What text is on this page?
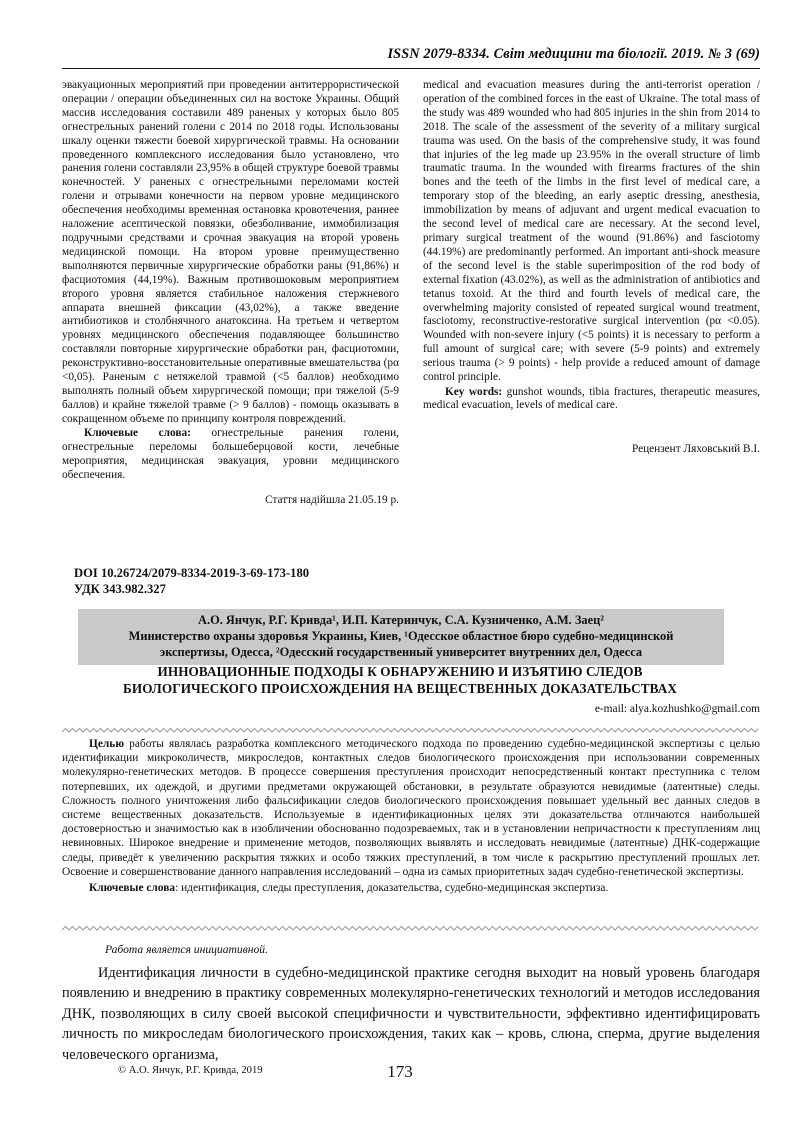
ISSN 2079-8334. Світ медицини та біології. 2019. № 3 (69)

эвакуационных мероприятий при проведении антитеррористической операции / операции объединенных сил на востоке Украины. Общий массив исследования составили 489 раненых у которых было 805 огнестрельных ранений голени с 2014 по 2018 годы. Использованы шкалу оценки тяжести боевой хирургической травмы. На основании проведенного комплексного исследования было установлено, что ранения голени составляли 23,95% в общей структуре боевой травмы конечностей. У раненых с огнестрельными переломами костей голени и отрывами конечности на первом уровне медицинского обеспечения необходимы временная остановка кровотечения, раннее наложение асептической повязки, обезболивание, иммобилизация подручными средствами и срочная эвакуация на второй уровень медицинской помощи. На втором уровне преимущественно выполняются первичные хирургические обработки раны (91,86%) и фасциотомия (44,19%). Важным противошоковым мероприятием второго уровня является стабильное наложения стержневого аппарата внешней фиксации (43,02%), а также введение антибиотиков и столбнячного анатоксина. На третьем и четвертом уровнях медицинского обеспечения подавляющее большинство составляли повторные хирургические обработки ран, фасциотомии, реконструктивно-восстановительные оперативные вмешательства (pα <0,05). Раненым с нетяжелой травмой (<5 баллов) необходимо выполнять полный объем хирургической помощи; при тяжелой (5-9 баллов) и крайне тяжелой травме (> 9 баллов) - помощь оказывать в сокращенном объеме по принципу контроля повреждений.

Ключевые слова: огнестрельные ранения голени, огнестрельные переломы большеберцовой кости, лечебные мероприятия, медицинская эвакуация, уровни медицинского обеспечения.

Стаття надійшла 21.05.19 р.

medical and evacuation measures during the anti-terrorist operation / operation of the combined forces in the east of Ukraine. The total mass of the study was 489 wounded who had 805 injuries in the shin from 2014 to 2018. The scale of the assessment of the severity of a military surgical trauma was used. On the basis of the comprehensive study, it was found that injuries of the leg made up 23.95% in the overall structure of limb traumatic trauma. In the wounded with firearms fractures of the shin bones and the teeth of the limbs in the first level of medical care, a temporary stop of the bleeding, an early aseptic dressing, anesthesia, immobilization by means of adjuvant and urgent medical evacuation to the second level of medical care are necessary. At the second level, primary surgical treatment of the wound (91.86%) and fasciotomy (44.19%) are predominantly performed. An important anti-shock measure of the second level is the stable superimposition of the rod body of external fixation (43.02%), as well as the administration of antibiotics and tetanus toxoid. At the third and fourth levels of medical care, the overwhelming majority consisted of repeated surgical wound treatment, fasciotomy, reconstructive-restorative surgical intervention (pα <0.05). Wounded with non-severe injury (<5 points) it is necessary to perform a full amount of surgical care; with severe (5-9 points) and extremely serious trauma (> 9 points) - help provide a reduced amount of damage control principle.

Key words: gunshot wounds, tibia fractures, therapeutic measures, medical evacuation, levels of medical care.

Рецензент Ляховський В.І.
DOI 10.26724/2079-8334-2019-3-69-173-180
УДК 343.982.327
А.О. Янчук, Р.Г. Кривда¹, И.П. Катеринчук, С.А. Кузниченко, А.М. Заец²
Министерство охраны здоровья Украины, Киев, ¹Одесское областное бюро судебно-медицинской
экспертизы, Одесса, ²Одесский государственный университет внутренних дел, Одесса
ИННОВАЦИОННЫЕ ПОДХОДЫ К ОБНАРУЖЕНИЮ И ИЗЪЯТИЮ СЛЕДОВ
БИОЛОГИЧЕСКОГО ПРОИСХОЖДЕНИЯ НА ВЕЩЕСТВЕННЫХ ДОКАЗАТЕЛЬСТВАХ
e-mail: alya.kozhushko@gmail.com

Целью работы являлась разработка комплексного методического подхода по проведению судебно-медицинской экспертизы с целью идентификации микроколичеств, микроследов, контактных следов биологического происхождения при использовании современных молекулярно-генетических методов. В процессе совершения преступления происходит непосредственный контакт преступника с телом потерпевших, их одеждой, и другими предметами окружающей обстановки, в результате образуются невидимые (латентные) следы. Сложность полного уничтожения либо фальсификации следов биологического происхождения повышает удельный вес данных следов в системе вещественных доказательств. Используемые в идентификационных целях эти доказательства отличаются наибольшей достоверностью и значимостью как в изобличении обоснованно подозреваемых, так и в установлении непричастности к преступлениям лиц невиновных. Широкое внедрение и применение методов, позволяющих выявлять и исследовать невидимые (латентные) ДНК-содержащие следы, приведёт к увеличению раскрытия тяжких и особо тяжких преступлений, в том числе к раскрытию преступлений прошлых лет. Освоение и совершенствование данного направления исследований – одна из самых приоритетных задач судебно-генетической экспертизы.

Ключевые слова: идентификация, следы преступления, доказательства, судебно-медицинская экспертиза.

Работа является инициативной.

Идентификация личности в судебно-медицинской практике сегодня выходит на новый уровень благодаря появлению и внедрению в практику современных молекулярно-генетических технологий и методов исследования ДНК, позволяющих в силу своей высокой специфичности и чувствительности, эффективно идентифицировать личность по микроследам биологического происхождения, таких как – кровь, слюна, сперма, другие выделения человеческого организма,

© А.О. Янчук, Р.Г. Кривда, 2019	173
